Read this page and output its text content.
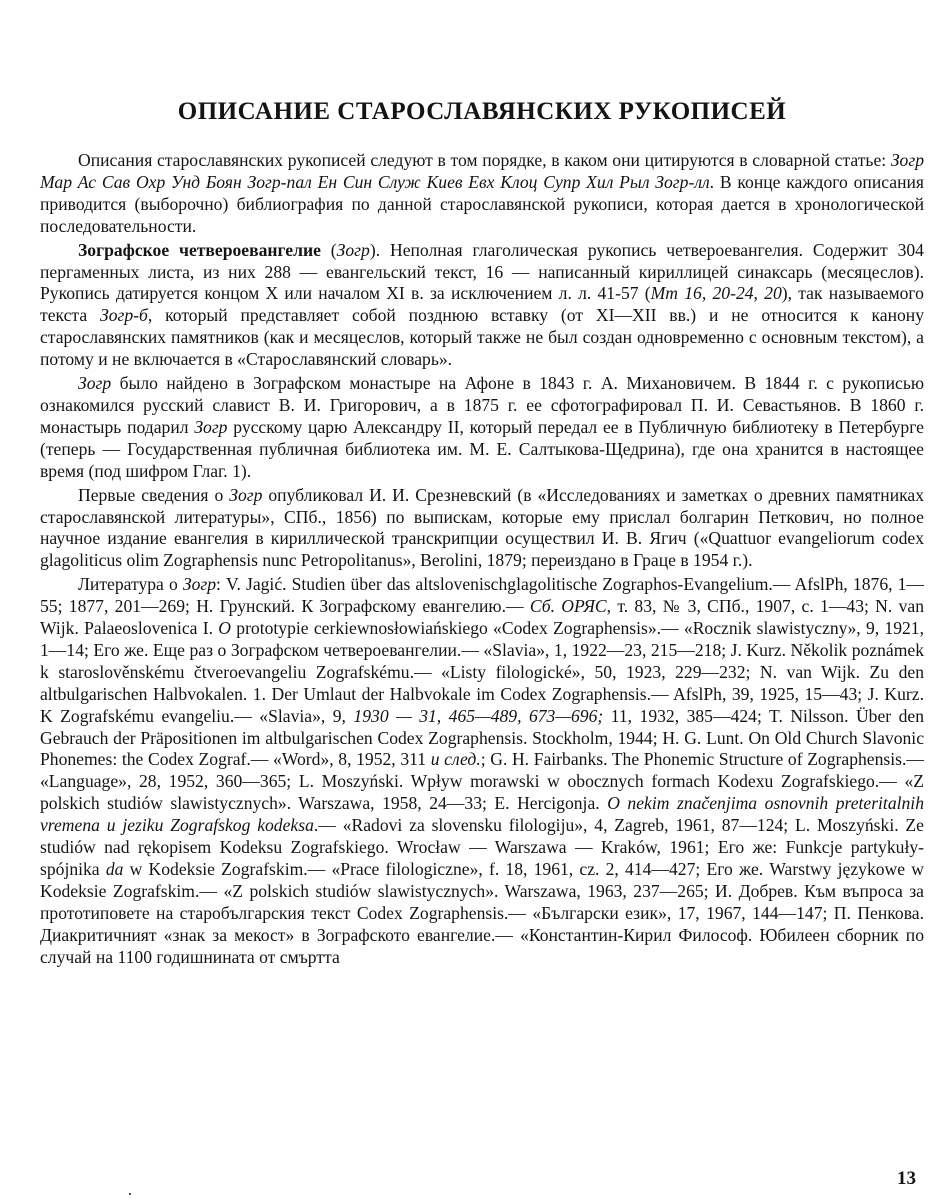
ОПИСАНИЕ СТАРОСЛАВЯНСКИХ РУКОПИСЕЙ

Описания старославянских рукописей следуют в том порядке, в каком они цитируются в словарной статье: Зогр Мар Ас Сав Охр Унд Боян Зогр-пал Ен Син Служ Киев Евх Клоц Супр Хил Рыл Зогр-лл. В конце каждого описания приводится (выборочно) библиография по данной старославянской рукописи, которая дается в хронологической последовательности.

Зографское четвероевангелие (Зогр). Неполная глаголическая рукопись четвероевангелия. Содержит 304 пергаменных листа, из них 288 — евангельский текст, 16 — написанный кириллицей синаксарь (месяцеслов). Рукопись датируется концом X или началом XI в. за исключением л. л. 41-57 (Мт 16, 20-24, 20), так называемого текста Зогр-б, который представляет собой позднюю вставку (от XI—XII вв.) и не относится к канону старославянских памятников (как и месяцеслов, который также не был создан одновременно с основным текстом), а потому и не включается в «Старославянский словарь».

Зогр было найдено в Зографском монастыре на Афоне в 1843 г. А. Михановичем. В 1844 г. с рукописью ознакомился русский славист В. И. Григорович, а в 1875 г. ее сфотографировал П. И. Севастьянов. В 1860 г. монастырь подарил Зогр русскому царю Александру II, который передал ее в Публичную библиотеку в Петербурге (теперь — Государственная публичная библиотека им. М. Е. Салтыкова-Щедрина), где она хранится в настоящее время (под шифром Глаг. 1).

Первые сведения о Зогр опубликовал И. И. Срезневский (в «Исследованиях и заметках о древних памятниках старославянской литературы», СПб., 1856) по выпискам, которые ему прислал болгарин Петкович, но полное научное издание евангелия в кириллической транскрипции осуществил И. В. Ягич («Quattuor evangeliorum codex glagoliticus olim Zographensis nunc Petropolitanus», Berolini, 1879; переиздано в Граце в 1954 г.).

Литература о Зогр: V. Jagić. Studien über das altslovenischglagolitische Zographos-Evangelium.— AfslPh, 1876, 1—55; 1877, 201—269; Н. Грунский. К Зографскому евангелию.— Сб. ОРЯС, т. 83, № 3, СПб., 1907, с. 1—43; N. van Wijk. Palaeoslovenica I. O protot​ypie cerkiewnosłowiańskiego «Codex Zographensis».— «Rocznik slawistyczny», 9, 1921, 1—14; Его же. Еще раз о Зографском четвероевангелии.— «Slavia», 1, 1922—23, 215—218; J. Kurz. Několik poznámek k staroslověnskému čtveroevangeliu Zografskému.— «Listy filologické», 50, 1923, 229—232; N. van Wijk. Zu den altbulgarischen Halbvokalen. 1. Der Umlaut der Halbvokale im Codex Zographensis.— AfslPh, 39, 1925, 15—43; J. Kurz. K Zografskému evangeliu.— «Slavia», 9, 1930 — 31, 465—489, 673—696; 11, 1932, 385—424; T. Nilsson. Über den Gebrauch der Präpositionen im altbulgarischen Codex Zographensis. Stockholm, 1944; H. G. Lunt. On Old Church Slavonic Phonemes: the Codex Zograf.— «Word», 8, 1952, 311 и след.; G. H. Fairbanks. The Phonemic Structure of Zographensis.— «Language», 28, 1952, 360—365; L. Moszyński. Wpływ morawski w obocznych formach Kodexu Zografskiego.— «Z polskich studiów slawistycznych». Warszawa, 1958, 24—33; E. Hercigonja. O nekim značenjima osnovnih preteritalnih vremena u jeziku Zografskog kodeksa.— «Radovi za slovensku filologiju», 4, Zagreb, 1961, 87—124; L. Moszyński. Ze studiów nad rękopisem Kodeksu Zografskiego. Wrocław — Warszawa — Kraków, 1961; Его же: Funkcje partykuły-spójnika da w Kodeksie Zografskim.— «Prace filologiczne», f. 18, 1961, cz. 2, 414—427; Его же. Warstwy językowe w Kodeksie Zografskim.— «Z polskich studiów slawistycznych». Warszawa, 1963, 237—265; И. Добрев. Към въпроса за прототиповете на старобългарския текст Codex Zographensis.— «Български език», 17, 1967, 144—147; П. Пенкова. Диакритичният «знак за мекост» в Зографското евангелие.— «Константин-Кирил Философ. Юбилеен сборник по случай на 1100 годишнината от смъртта

13
